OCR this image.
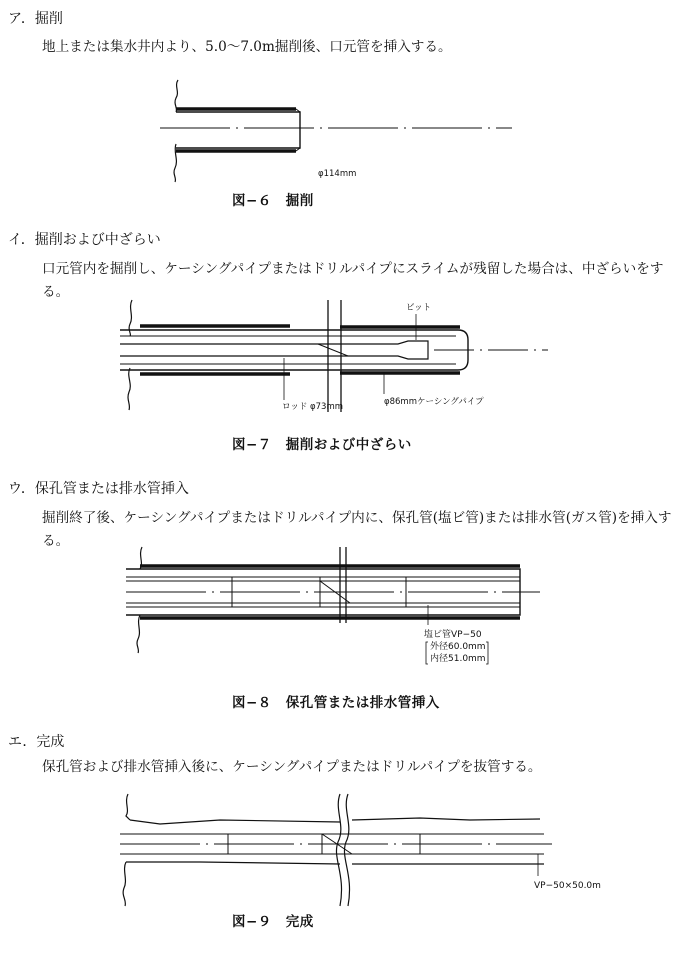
ア．掘削
地上または集水井内より、5.0〜7.0m掘削後、口元管を挿入する。
φ114mm
図−６　掘削
イ．掘削および中ざらい
口元管内を掘削し、ケーシングパイプまたはドリルパイプにスライムが残留した場合は、中ざらいをす
る。
ビット
ロッド φ73mm	φ86mmケーシングパイプ
図−７　掘削および中ざらい
ウ．保孔管または排水管挿入
掘削終了後、ケーシングパイプまたはドリルパイプ内に、保孔管(塩ビ管)または排水管(ガス管)を挿入す
る。
塩ビ管VP−50
外径60.0mm
内径51.0mm
図−８　保孔管または排水管挿入
エ．完成
保孔管および排水管挿入後に、ケーシングパイプまたはドリルパイプを抜管する。
VP−50×50.0m
図−９　完成
